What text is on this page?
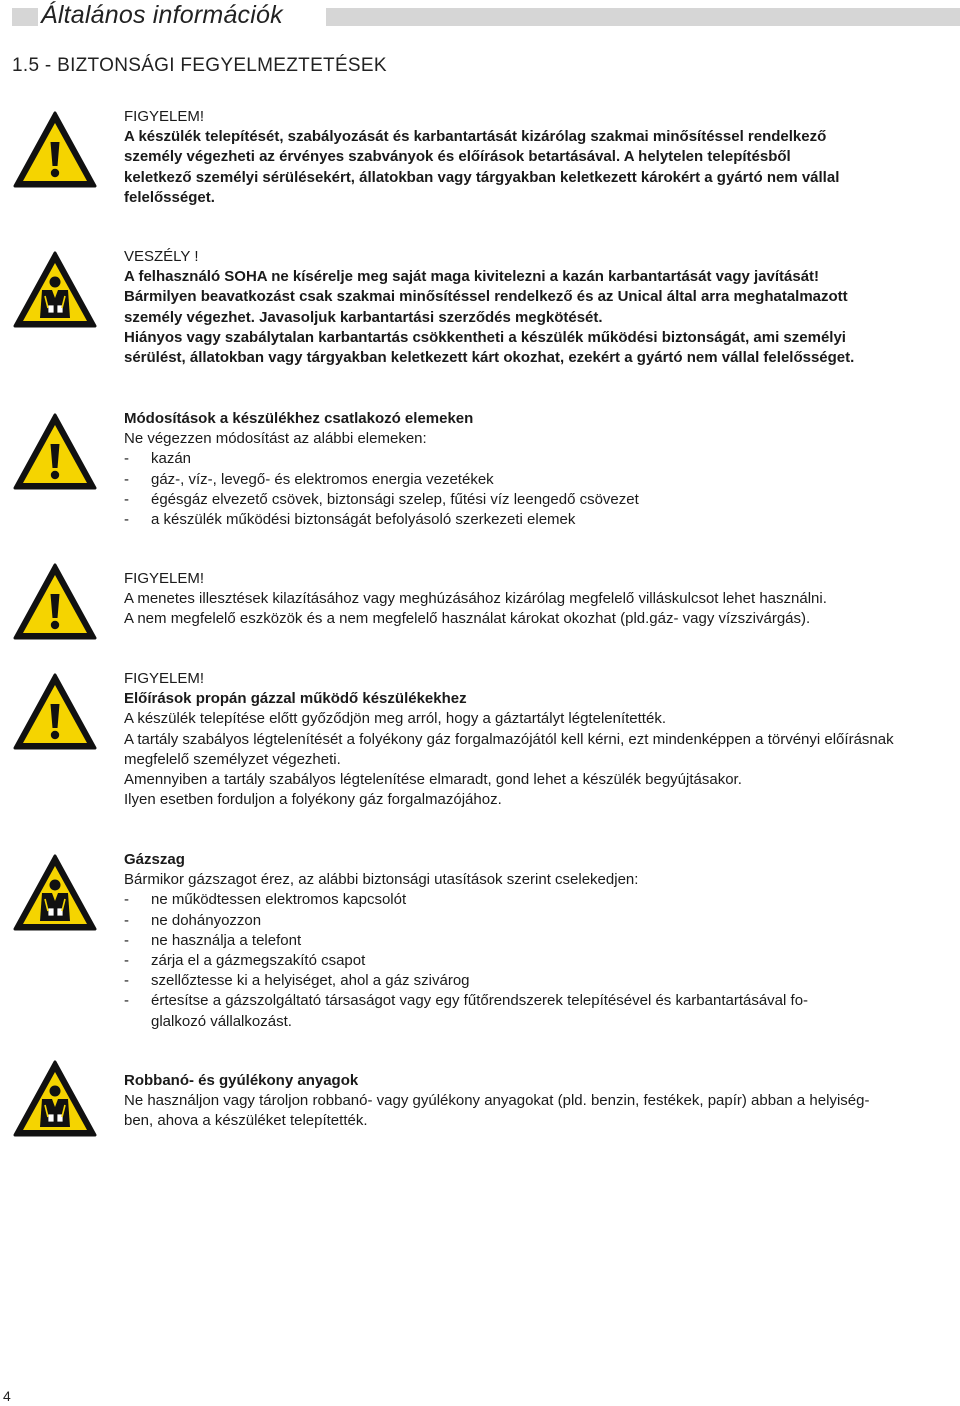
Általános információk
1.5 - BIZTONSÁGI FEGYELMEZTETÉSEK

FIGYELEM!

A készülék telepítését, szabályozását és karbantartását kizárólag szakmai minősítéssel rendelkező

személy végezheti az érvényes szabványok és előírások betartásával. A helytelen telepítésből

keletkező személyi sérülésekért, állatokban vagy tárgyakban keletkezett károkért a gyártó nem vállal

felelősséget.

VESZÉLY !

A felhasználó SOHA ne kísérelje meg saját maga kivitelezni a kazán karbantartását vagy javítását!

Bármilyen beavatkozást csak szakmai minősítéssel rendelkező és az Unical által arra meghatalmazott

személy végezhet. Javasoljuk karbantartási szerződés megkötését.

Hiányos vagy szabálytalan karbantartás csökkentheti a készülék működési biztonságát, ami személyi

sérülést, állatokban vagy tárgyakban keletkezett kárt okozhat, ezekért a gyártó nem vállal felelősséget.

Módosítások a készülékhez csatlakozó elemeken

Ne végezzen módosítást az alábbi elemeken:

- kazán
- gáz-, víz-, levegő- és elektromos energia vezetékek
- égésgáz elvezető csövek, biztonsági szelep, fűtési víz leengedő csövezet
- a készülék működési biztonságát befolyásoló szerkezeti elemek

FIGYELEM!

A menetes illesztések kilazításához vagy meghúzásához kizárólag megfelelő villáskulcsot lehet használni.

A nem megfelelő eszközök és a nem megfelelő használat károkat okozhat (pld.gáz- vagy vízszivárgás).

FIGYELEM!

Előírások propán gázzal működő készülékekhez

A készülék telepítése előtt győződjön meg arról, hogy a gáztartályt légtelenítették.

A tartály szabályos légtelenítését a folyékony gáz forgalmazójától kell kérni, ezt mindenképpen a törvényi előírásnak

megfelelő személyzet végezheti.

Amennyiben a tartály szabályos légtelenítése elmaradt, gond lehet a készülék begyújtásakor.

Ilyen esetben forduljon a folyékony gáz forgalmazójához.

Gázszag

Bármikor gázszagot érez, az alábbi biztonsági utasítások szerint cselekedjen:

- ne működtessen elektromos kapcsolót
- ne dohányozzon
- ne használja a telefont
- zárja el a gázmegszakító csapot
- szellőztesse ki a helyiséget, ahol a gáz szivárog
- értesítse a gázszolgáltató társaságot vagy egy fűtőrendszerek telepítésével és karbantartásával fo-
glalkozó vállalkozást.

Robbanó- és gyúlékony anyagok

Ne használjon vagy tároljon robbanó- vagy gyúlékony anyagokat (pld. benzin, festékek, papír) abban a helyiség-

ben, ahova a készüléket telepítették.

4
